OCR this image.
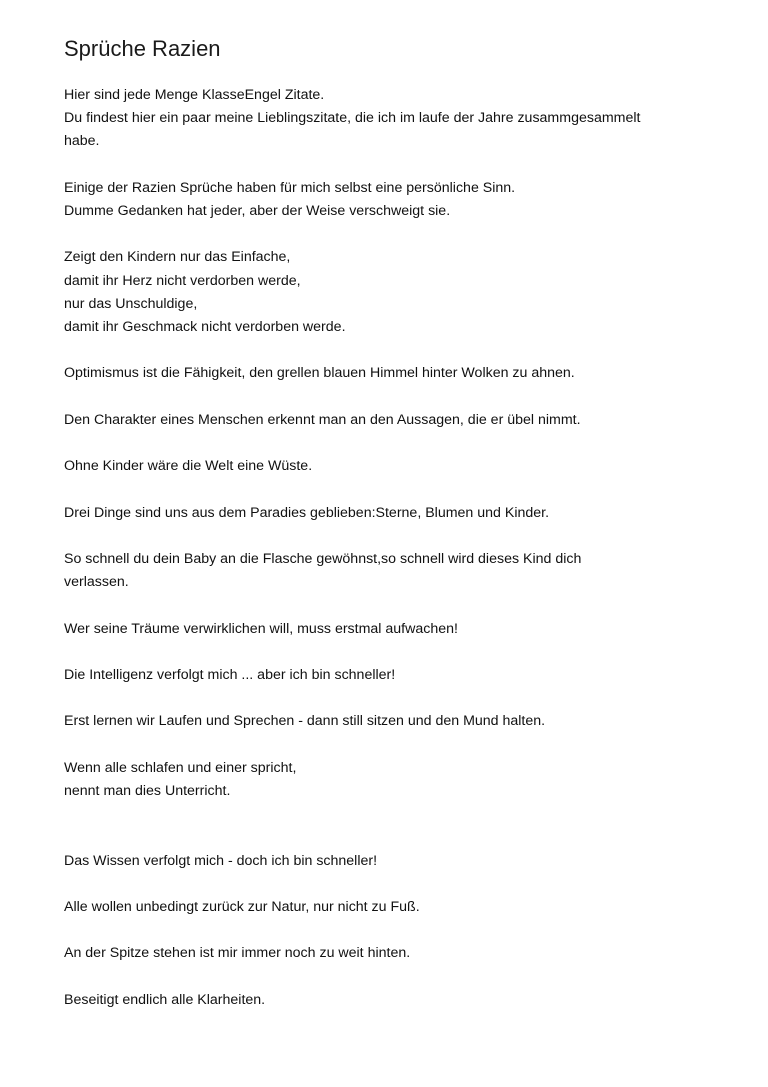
Sprüche Razien

Hier sind jede Menge KlasseEngel Zitate.

Du findest hier ein paar meine Lieblingszitate, die ich im laufe der Jahre zusammgesammelt

habe.

Einige der Razien Sprüche haben für mich selbst eine persönliche Sinn.

Dumme Gedanken hat jeder, aber der Weise verschweigt sie.

Zeigt den Kindern nur das Einfache,

damit ihr Herz nicht verdorben werde,

nur das Unschuldige,

damit ihr Geschmack nicht verdorben werde.

Optimismus ist die Fähigkeit, den grellen blauen Himmel hinter Wolken zu ahnen.

Den Charakter eines Menschen erkennt man an den Aussagen, die er übel nimmt.

Ohne Kinder wäre die Welt eine Wüste.

Drei Dinge sind uns aus dem Paradies geblieben:Sterne, Blumen und Kinder.

So schnell du dein Baby an die Flasche gewöhnst,so schnell wird dieses Kind dich

verlassen.

Wer seine Träume verwirklichen will, muss erstmal aufwachen!

Die Intelligenz verfolgt mich ... aber ich bin schneller!

Erst lernen wir Laufen und Sprechen - dann still sitzen und den Mund halten.

Wenn alle schlafen und einer spricht,

nennt man dies Unterricht.

Das Wissen verfolgt mich - doch ich bin schneller!

Alle wollen unbedingt zurück zur Natur, nur nicht zu Fuß.

An der Spitze stehen ist mir immer noch zu weit hinten.

Beseitigt endlich alle Klarheiten.
